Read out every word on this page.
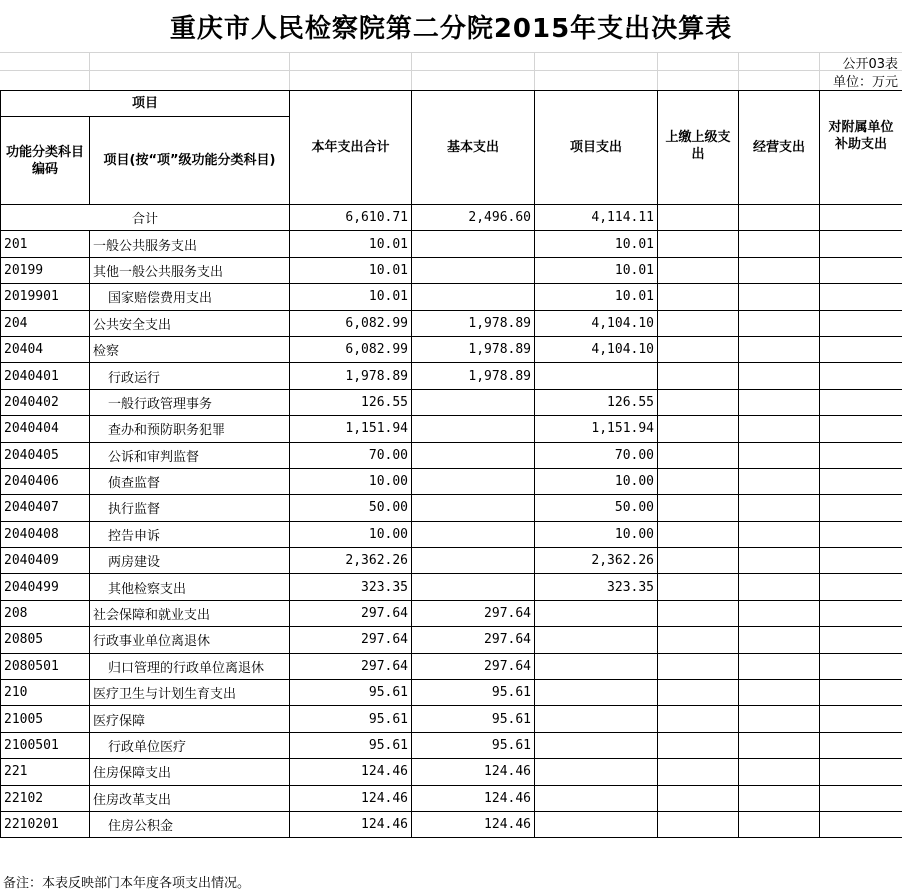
重庆市人民检察院第二分院2015年支出决算表
公开03表
单位：万元
项目		本年支出合计	基本支出	项目支出	上缴上级支出	经营支出	对附属单位补助支出
功能分类科目编码	项目(按“项”级功能分类科目)						
合计		6,610.71	2,496.60	4,114.11			
201	一般公共服务支出	10.01		10.01			
20199	其他一般公共服务支出	10.01		10.01			
2019901	国家赔偿费用支出	10.01		10.01			
204	公共安全支出	6,082.99	1,978.89	4,104.10			
20404	检察	6,082.99	1,978.89	4,104.10			
2040401	行政运行	1,978.89	1,978.89				
2040402	一般行政管理事务	126.55		126.55			
2040404	查办和预防职务犯罪	1,151.94		1,151.94			
2040405	公诉和审判监督	70.00		70.00			
2040406	侦查监督	10.00		10.00			
2040407	执行监督	50.00		50.00			
2040408	控告申诉	10.00		10.00			
2040409	两房建设	2,362.26		2,362.26			
2040499	其他检察支出	323.35		323.35			
208	社会保障和就业支出	297.64	297.64				
20805	行政事业单位离退休	297.64	297.64				
2080501	归口管理的行政单位离退休	297.64	297.64				
210	医疗卫生与计划生育支出	95.61	95.61				
21005	医疗保障	95.61	95.61				
2100501	行政单位医疗	95.61	95.61				
221	住房保障支出	124.46	124.46				
22102	住房改革支出	124.46	124.46				
2210201	住房公积金	124.46	124.46				
备注：本表反映部门本年度各项支出情况。
